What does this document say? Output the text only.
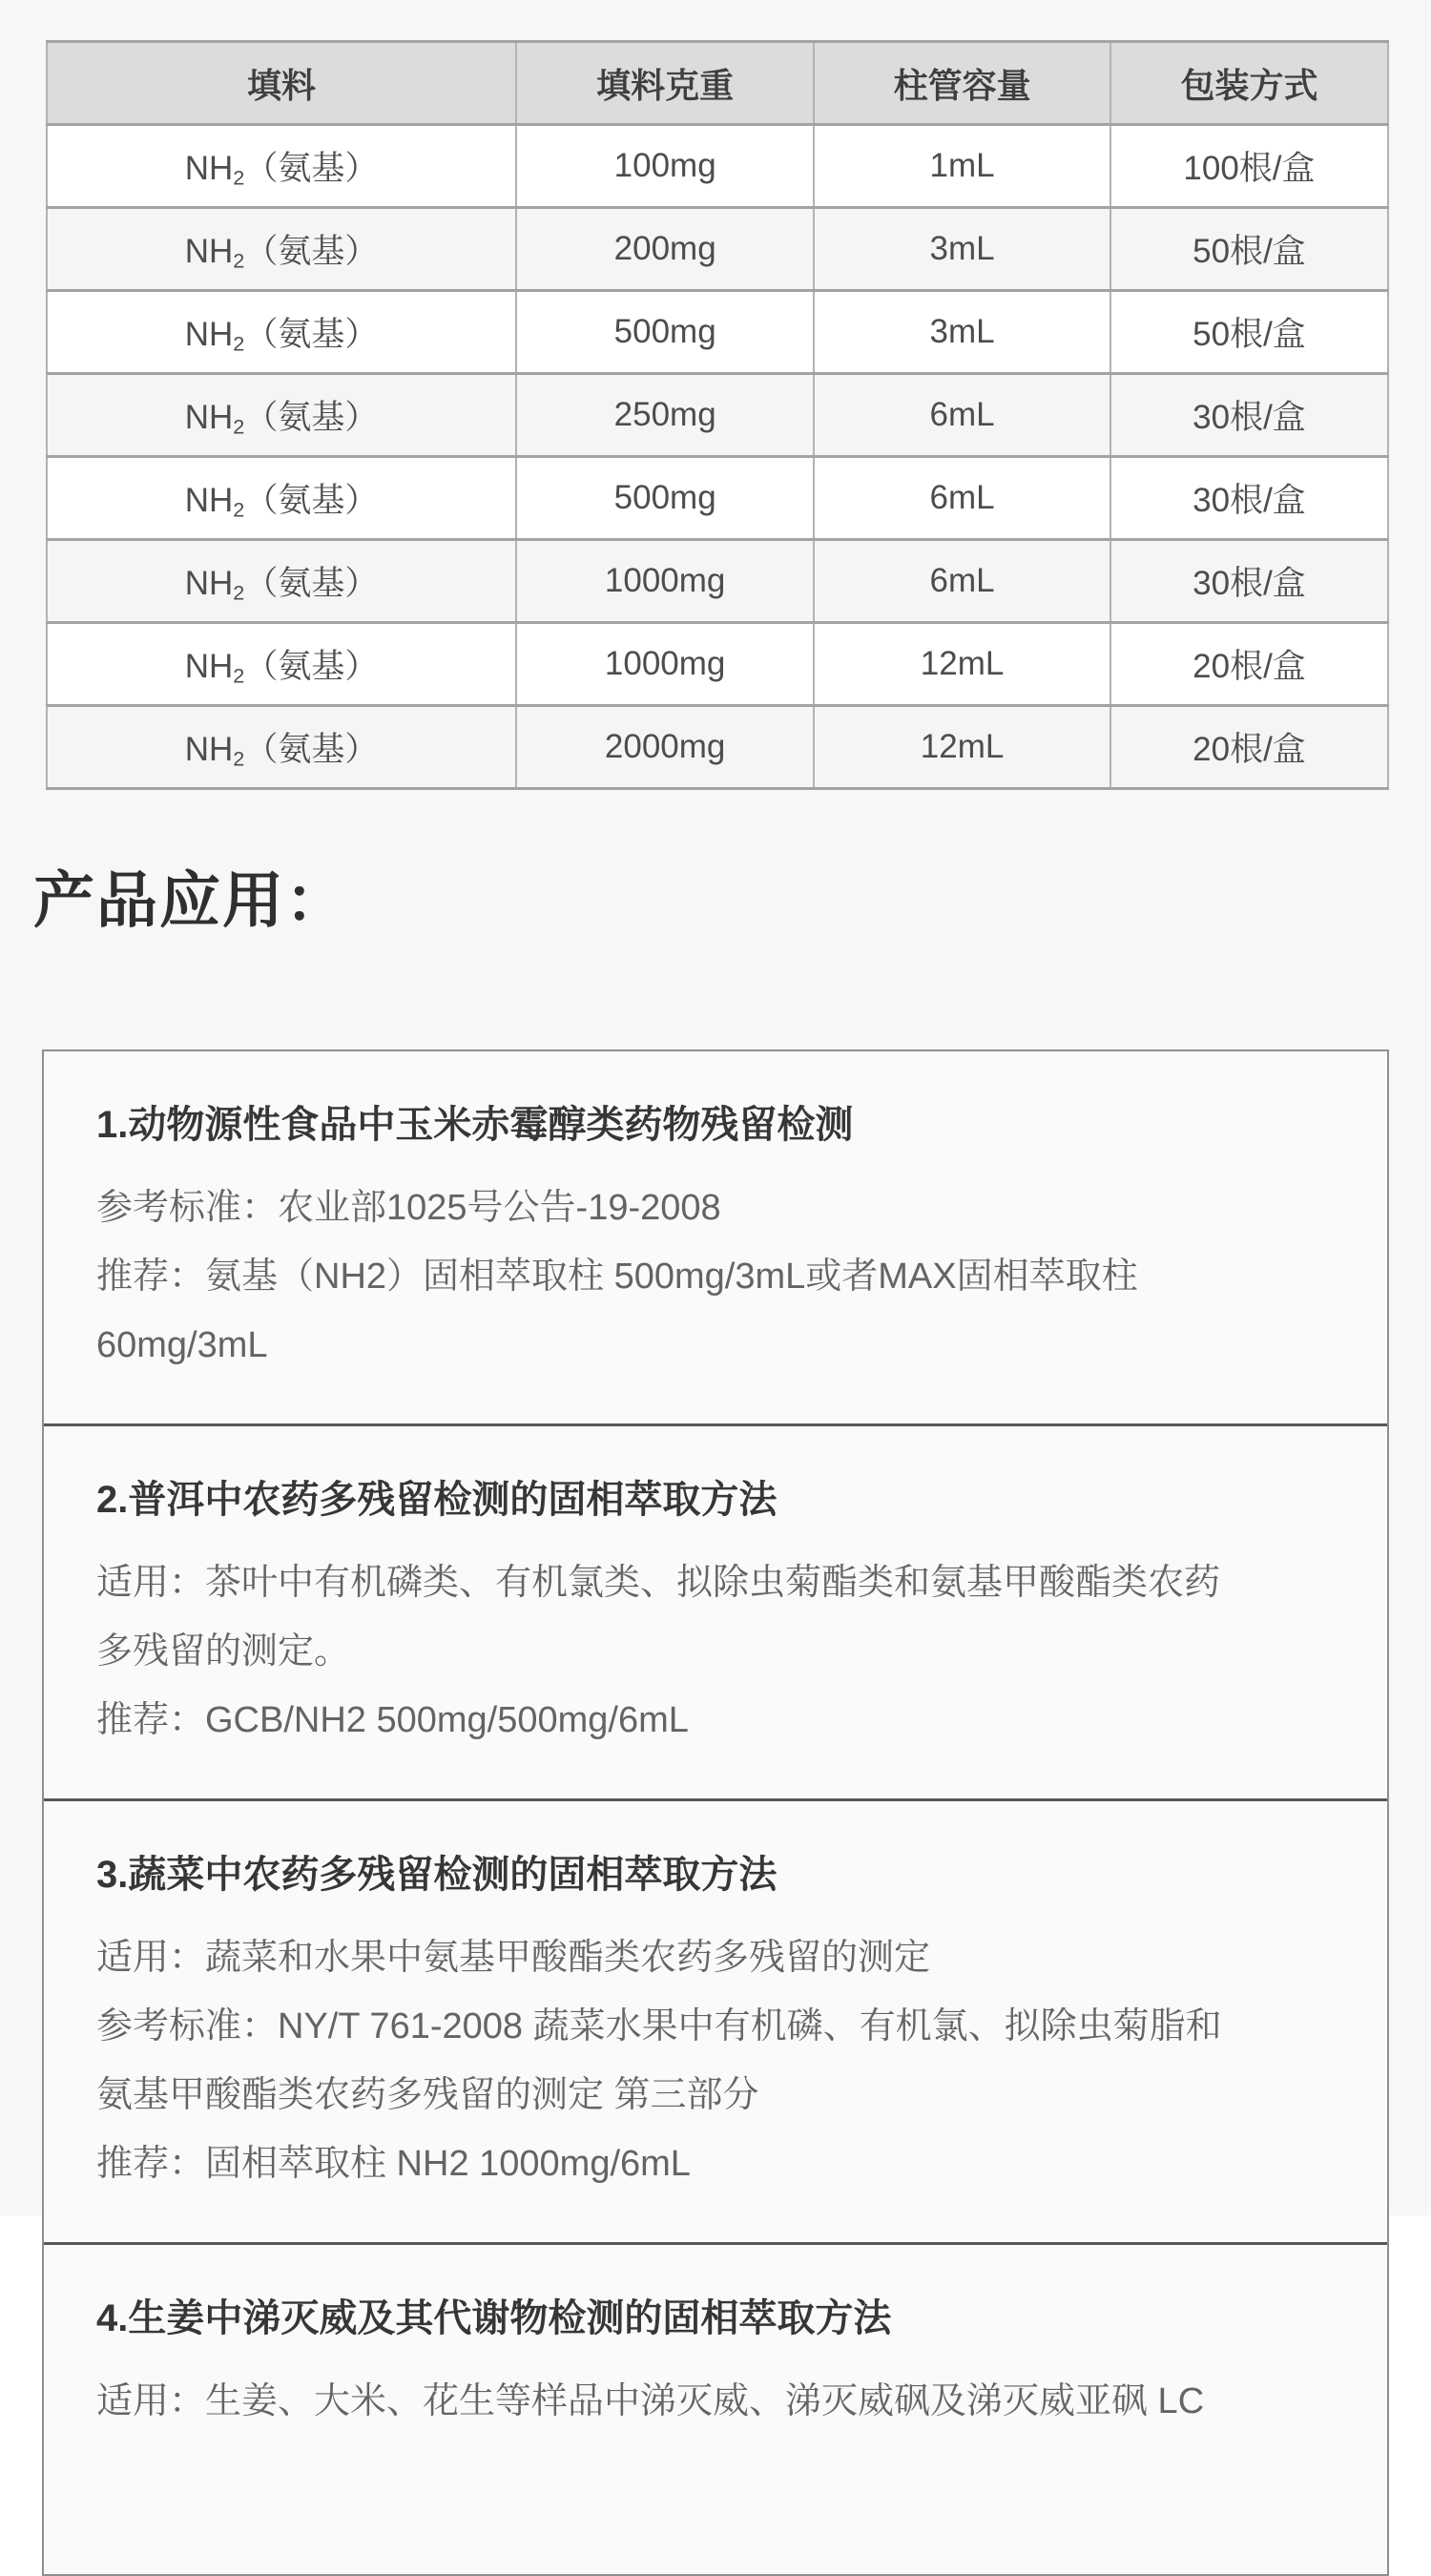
填料	填料克重	柱管容量	包装方式
$NH_2$（氨基）	100mg	1mL	100根/盒
$NH_2$（氨基）	200mg	3mL	50根/盒
$NH_2$（氨基）	500mg	3mL	50根/盒
$NH_2$（氨基）	250mg	6mL	30根/盒
$NH_2$（氨基）	500mg	6mL	30根/盒
$NH_2$（氨基）	1000mg	6mL	30根/盒
$NH_2$（氨基）	1000mg	12mL	20根/盒
$NH_2$（氨基）	2000mg	12mL	20根/盒
产品应用：
1.动物源性食品中玉米赤霉醇类药物残留检测
参考标准：农业部1025号公告-19-2008
推荐：氨基（NH2）固相萃取柱 500mg/3mL或者MAX固相萃取柱
60mg/3mL
2.普洱中农药多残留检测的固相萃取方法
适用：茶叶中有机磷类、有机氯类、拟除虫菊酯类和氨基甲酸酯类农药
多残留的测定。
推荐：GCB/NH2 500mg/500mg/6mL
3.蔬菜中农药多残留检测的固相萃取方法
适用：蔬菜和水果中氨基甲酸酯类农药多残留的测定
参考标准：NY/T 761-2008 蔬菜水果中有机磷、有机氯、拟除虫菊脂和
氨基甲酸酯类农药多残留的测定 第三部分
推荐：固相萃取柱 NH2 1000mg/6mL
4.生姜中涕灭威及其代谢物检测的固相萃取方法
适用：生姜、大米、花生等样品中涕灭威、涕灭威砜及涕灭威亚砜 LC
